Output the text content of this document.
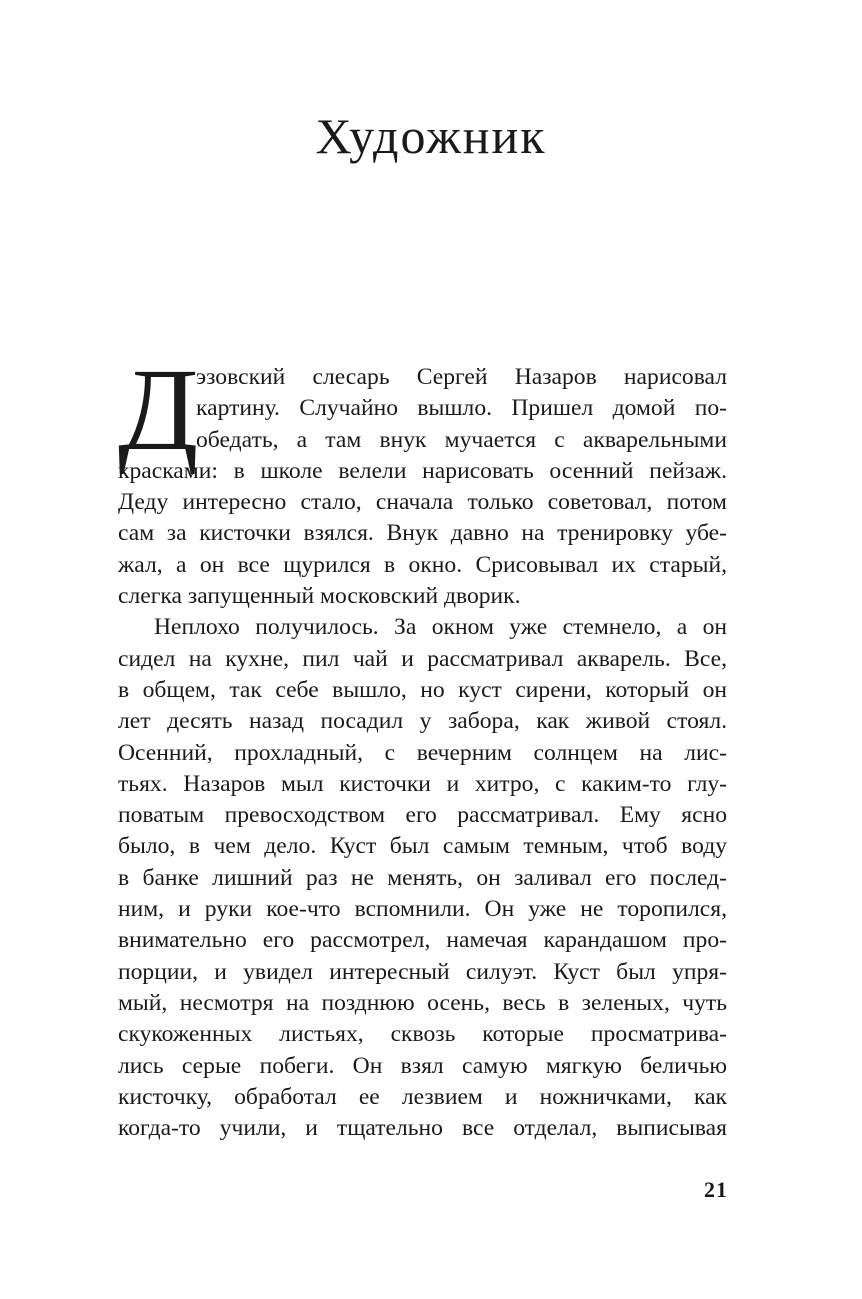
Художник
Д
эзовский слесарь Сергей Назаров нарисовал
картину. Случайно вышло. Пришел домой по-
обедать, а там внук мучается с акварельными
красками: в школе велели нарисовать осенний пейзаж.
Деду интересно стало, сначала только советовал, потом
сам за кисточки взялся. Внук давно на тренировку убе-
жал, а он все щурился в окно. Срисовывал их старый,
слегка запущенный московский дворик.
Неплохо получилось. За окном уже стемнело, а он
сидел на кухне, пил чай и рассматривал акварель. Все,
в общем, так себе вышло, но куст сирени, который он
лет десять назад посадил у забора, как живой стоял.
Осенний, прохладный, с вечерним солнцем на лис-
тьях. Назаров мыл кисточки и хитро, с каким-то глу-
поватым превосходством его рассматривал. Ему ясно
было, в чем дело. Куст был самым темным, чтоб воду
в банке лишний раз не менять, он заливал его послед-
ним, и руки кое-что вспомнили. Он уже не торопился,
внимательно его рассмотрел, намечая карандашом про-
порции, и увидел интересный силуэт. Куст был упря-
мый, несмотря на позднюю осень, весь в зеленых, чуть
скукоженных листьях, сквозь которые просматрива-
лись серые побеги. Он взял самую мягкую беличью
кисточку, обработал ее лезвием и ножничками, как
когда-то учили, и тщательно все отделал, выписывая
21
